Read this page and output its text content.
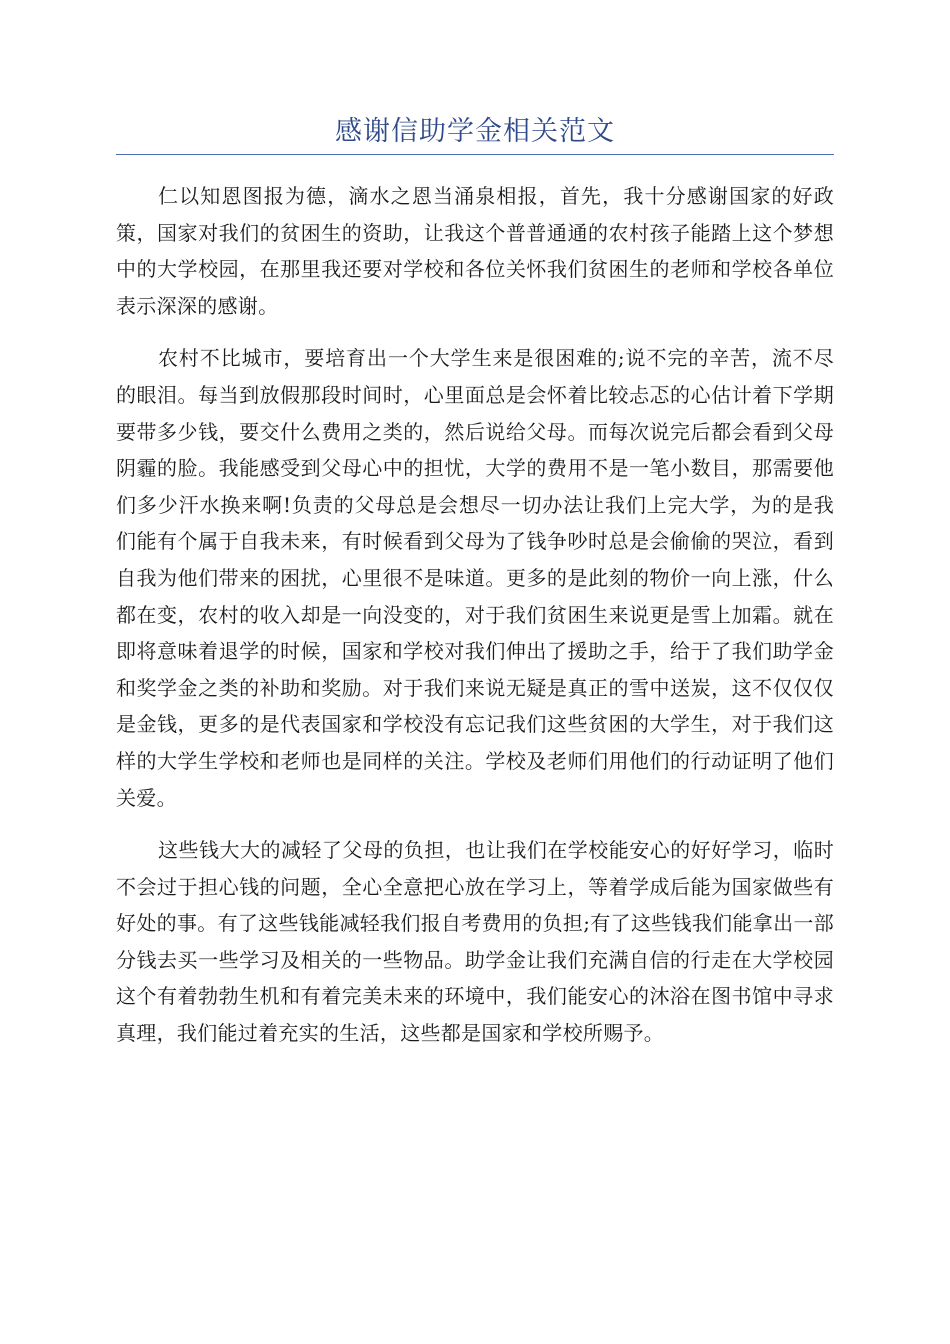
感谢信助学金相关范文

仁以知恩图报为德，滴水之恩当涌泉相报，首先，我十分感谢国家的好政策，国家对我们的贫困生的资助，让我这个普普通通的农村孩子能踏上这个梦想中的大学校园，在那里我还要对学校和各位关怀我们贫困生的老师和学校各单位表示深深的感谢。

农村不比城市，要培育出一个大学生来是很困难的;说不完的辛苦，流不尽的眼泪。每当到放假那段时间时，心里面总是会怀着比较忐忑的心估计着下学期要带多少钱，要交什么费用之类的，然后说给父母。而每次说完后都会看到父母阴霾的脸。我能感受到父母心中的担忧，大学的费用不是一笔小数目，那需要他们多少汗水换来啊!负责的父母总是会想尽一切办法让我们上完大学，为的是我们能有个属于自我未来，有时候看到父母为了钱争吵时总是会偷偷的哭泣，看到自我为他们带来的困扰，心里很不是味道。更多的是此刻的物价一向上涨，什么都在变，农村的收入却是一向没变的，对于我们贫困生来说更是雪上加霜。就在即将意味着退学的时候，国家和学校对我们伸出了援助之手，给于了我们助学金和奖学金之类的补助和奖励。对于我们来说无疑是真正的雪中送炭，这不仅仅仅是金钱，更多的是代表国家和学校没有忘记我们这些贫困的大学生，对于我们这样的大学生学校和老师也是同样的关注。学校及老师们用他们的行动证明了他们关爱。

这些钱大大的减轻了父母的负担，也让我们在学校能安心的好好学习，临时不会过于担心钱的问题，全心全意把心放在学习上，等着学成后能为国家做些有好处的事。有了这些钱能减轻我们报自考费用的负担;有了这些钱我们能拿出一部分钱去买一些学习及相关的一些物品。助学金让我们充满自信的行走在大学校园这个有着勃勃生机和有着完美未来的环境中，我们能安心的沐浴在图书馆中寻求真理，我们能过着充实的生活，这些都是国家和学校所赐予。
